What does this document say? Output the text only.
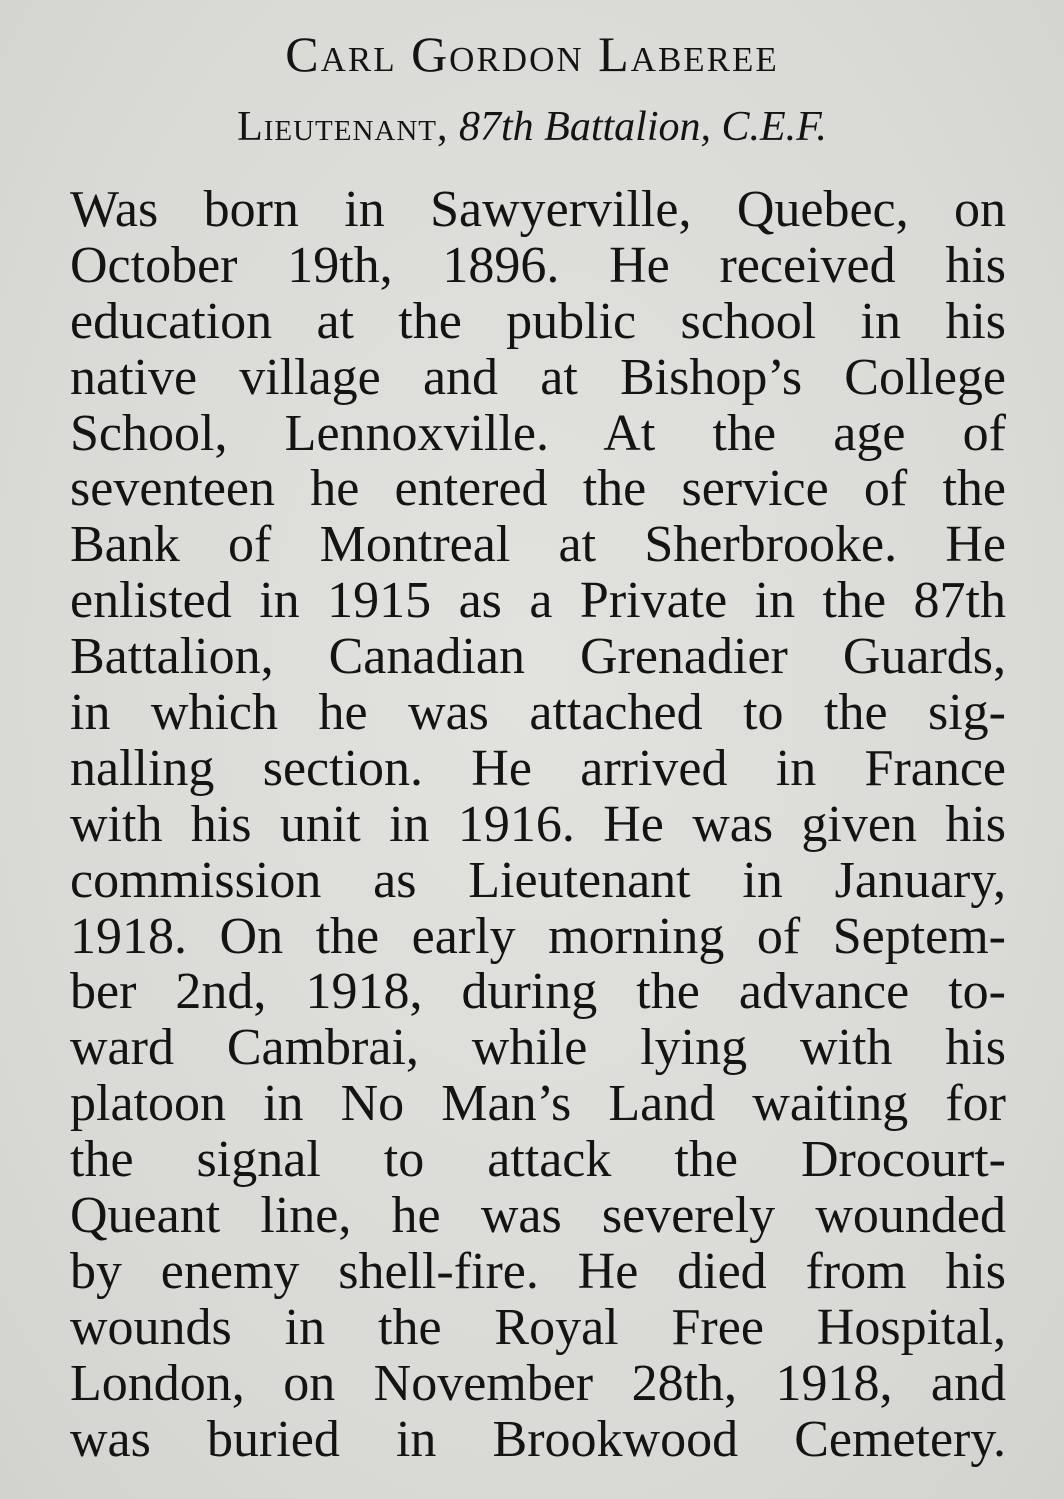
Carl Gordon Laberee

Lieutenant, 87th Battalion, C.E.F.

Was born in Sawyerville, Quebec, on
October 19th, 1896. He received his
education at the public school in his
native village and at Bishop’s College
School, Lennoxville. At the age of
seventeen he entered the service of the
Bank of Montreal at Sherbrooke. He
enlisted in 1915 as a Private in the 87th
Battalion, Canadian Grenadier Guards,
in which he was attached to the sig-
nalling section. He arrived in France
with his unit in 1916. He was given his
commission as Lieutenant in January,
1918. On the early morning of Septem-
ber 2nd, 1918, during the advance to-
ward Cambrai, while lying with his
platoon in No Man’s Land waiting for
the signal to attack the Drocourt-
Queant line, he was severely wounded
by enemy shell-fire. He died from his
wounds in the Royal Free Hospital,
London, on November 28th, 1918, and
was buried in Brookwood Cemetery.
